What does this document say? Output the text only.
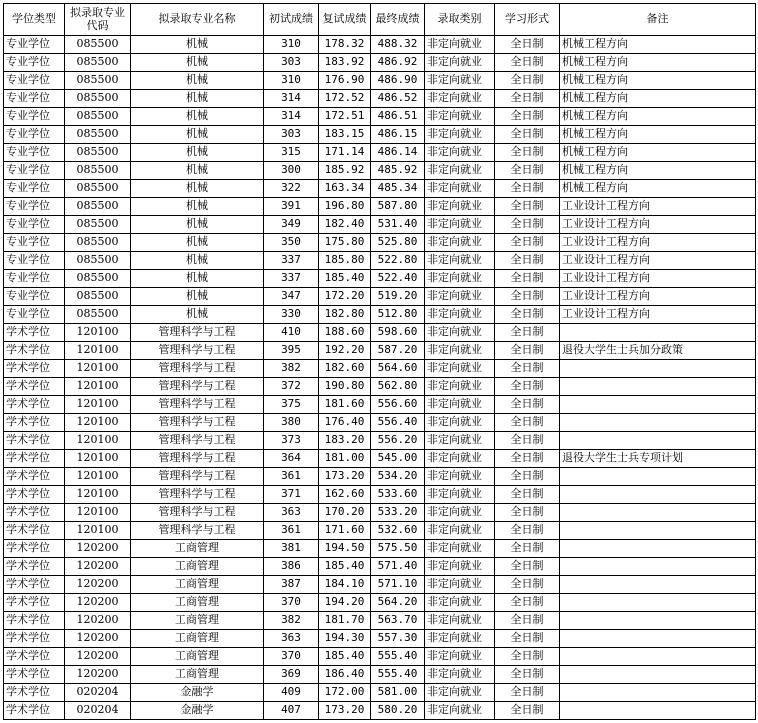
学位类型	拟录取专业代码	拟录取专业名称	初试成绩	复试成绩	最终成绩	录取类别	学习形式	备注
专业学位	085500	机械	310	178.32	488.32	非定向就业	全日制	机械工程方向
专业学位	085500	机械	303	183.92	486.92	非定向就业	全日制	机械工程方向
专业学位	085500	机械	310	176.90	486.90	非定向就业	全日制	机械工程方向
专业学位	085500	机械	314	172.52	486.52	非定向就业	全日制	机械工程方向
专业学位	085500	机械	314	172.51	486.51	非定向就业	全日制	机械工程方向
专业学位	085500	机械	303	183.15	486.15	非定向就业	全日制	机械工程方向
专业学位	085500	机械	315	171.14	486.14	非定向就业	全日制	机械工程方向
专业学位	085500	机械	300	185.92	485.92	非定向就业	全日制	机械工程方向
专业学位	085500	机械	322	163.34	485.34	非定向就业	全日制	机械工程方向
专业学位	085500	机械	391	196.80	587.80	非定向就业	全日制	工业设计工程方向
专业学位	085500	机械	349	182.40	531.40	非定向就业	全日制	工业设计工程方向
专业学位	085500	机械	350	175.80	525.80	非定向就业	全日制	工业设计工程方向
专业学位	085500	机械	337	185.80	522.80	非定向就业	全日制	工业设计工程方向
专业学位	085500	机械	337	185.40	522.40	非定向就业	全日制	工业设计工程方向
专业学位	085500	机械	347	172.20	519.20	非定向就业	全日制	工业设计工程方向
专业学位	085500	机械	330	182.80	512.80	非定向就业	全日制	工业设计工程方向
学术学位	120100	管理科学与工程	410	188.60	598.60	非定向就业	全日制	
学术学位	120100	管理科学与工程	395	192.20	587.20	非定向就业	全日制	退役大学生士兵加分政策
学术学位	120100	管理科学与工程	382	182.60	564.60	非定向就业	全日制	
学术学位	120100	管理科学与工程	372	190.80	562.80	非定向就业	全日制	
学术学位	120100	管理科学与工程	375	181.60	556.60	非定向就业	全日制	
学术学位	120100	管理科学与工程	380	176.40	556.40	非定向就业	全日制	
学术学位	120100	管理科学与工程	373	183.20	556.20	非定向就业	全日制	
学术学位	120100	管理科学与工程	364	181.00	545.00	非定向就业	全日制	退役大学生士兵专项计划
学术学位	120100	管理科学与工程	361	173.20	534.20	非定向就业	全日制	
学术学位	120100	管理科学与工程	371	162.60	533.60	非定向就业	全日制	
学术学位	120100	管理科学与工程	363	170.20	533.20	非定向就业	全日制	
学术学位	120100	管理科学与工程	361	171.60	532.60	非定向就业	全日制	
学术学位	120200	工商管理	381	194.50	575.50	非定向就业	全日制	
学术学位	120200	工商管理	386	185.40	571.40	非定向就业	全日制	
学术学位	120200	工商管理	387	184.10	571.10	非定向就业	全日制	
学术学位	120200	工商管理	370	194.20	564.20	非定向就业	全日制	
学术学位	120200	工商管理	382	181.70	563.70	非定向就业	全日制	
学术学位	120200	工商管理	363	194.30	557.30	非定向就业	全日制	
学术学位	120200	工商管理	370	185.40	555.40	非定向就业	全日制	
学术学位	120200	工商管理	369	186.40	555.40	非定向就业	全日制	
学术学位	020204	金融学	409	172.00	581.00	非定向就业	全日制	
学术学位	020204	金融学	407	173.20	580.20	非定向就业	全日制	
